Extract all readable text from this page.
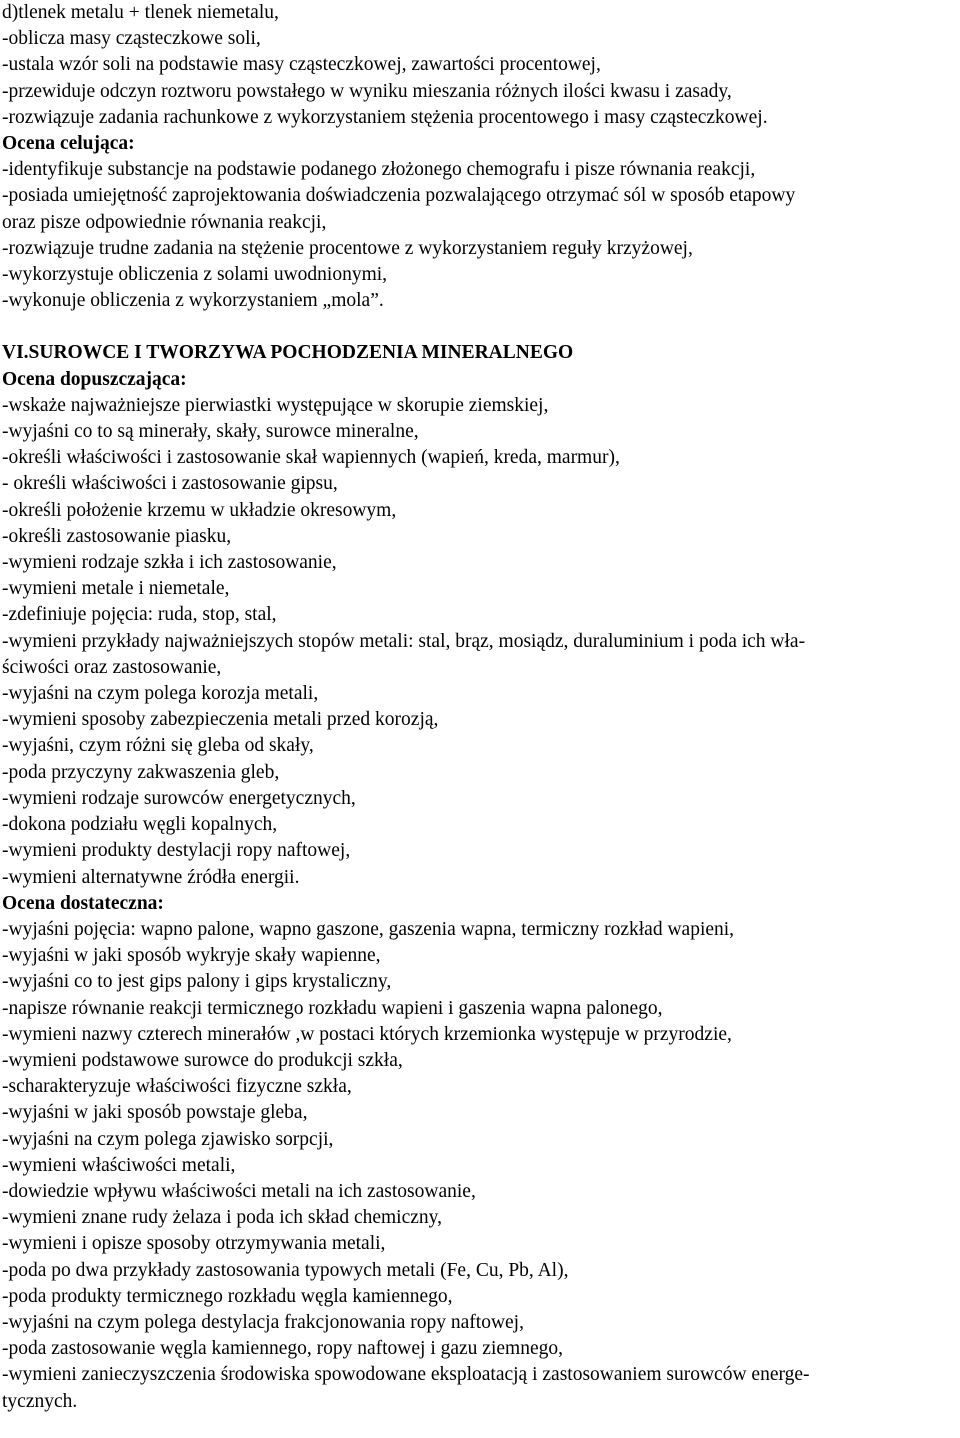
d)tlenek metalu + tlenek niemetalu,
-oblicza masy cząsteczkowe soli,
-ustala wzór soli na podstawie masy cząsteczkowej, zawartości procentowej,
-przewiduje odczyn roztworu powstałego w wyniku mieszania różnych ilości kwasu i zasady,
-rozwiązuje zadania rachunkowe z wykorzystaniem stężenia procentowego i masy cząsteczkowej.
Ocena celująca:
-identyfikuje substancje na podstawie podanego złożonego chemografu i pisze równania reakcji,
-posiada umiejętność zaprojektowania doświadczenia pozwalającego otrzymać sól w sposób etapowy
oraz pisze odpowiednie równania reakcji,
-rozwiązuje trudne zadania na stężenie procentowe z wykorzystaniem reguły krzyżowej,
-wykorzystuje obliczenia z solami uwodnionymi,
-wykonuje obliczenia z wykorzystaniem „mola”.
VI.SUROWCE I TWORZYWA POCHODZENIA MINERALNEGO
Ocena dopuszczająca:
-wskaże najważniejsze pierwiastki występujące w skorupie ziemskiej,
-wyjaśni co to są minerały, skały, surowce mineralne,
-określi właściwości i zastosowanie skał wapiennych (wapień, kreda, marmur),
- określi właściwości i zastosowanie gipsu,
-określi położenie krzemu w układzie okresowym,
-określi zastosowanie piasku,
-wymieni rodzaje szkła i ich zastosowanie,
-wymieni metale i niemetale,
-zdefiniuje pojęcia: ruda, stop, stal,
-wymieni przykłady najważniejszych stopów metali: stal, brąz, mosiądz, duraluminium i poda ich wła-
ściwości oraz zastosowanie,
-wyjaśni na czym polega korozja metali,
-wymieni sposoby zabezpieczenia metali przed korozją,
-wyjaśni, czym różni się gleba od skały,
-poda przyczyny zakwaszenia gleb,
-wymieni rodzaje surowców energetycznych,
-dokona podziału węgli kopalnych,
-wymieni produkty destylacji ropy naftowej,
-wymieni alternatywne źródła energii.
Ocena dostateczna:
-wyjaśni pojęcia: wapno palone, wapno gaszone, gaszenia wapna, termiczny rozkład wapieni,
-wyjaśni w jaki sposób wykryje skały wapienne,
-wyjaśni co to jest gips palony i gips krystaliczny,
-napisze równanie reakcji termicznego rozkładu wapieni i gaszenia wapna palonego,
-wymieni nazwy czterech minerałów ,w postaci których krzemionka występuje w przyrodzie,
-wymieni podstawowe surowce do produkcji szkła,
-scharakteryzuje właściwości fizyczne szkła,
-wyjaśni w jaki sposób powstaje gleba,
-wyjaśni na czym polega zjawisko sorpcji,
-wymieni właściwości metali,
-dowiedzie wpływu właściwości metali na ich zastosowanie,
-wymieni znane rudy żelaza i poda ich skład chemiczny,
-wymieni i opisze sposoby otrzymywania metali,
-poda po dwa przykłady zastosowania typowych metali (Fe, Cu, Pb, Al),
-poda produkty termicznego rozkładu węgla kamiennego,
-wyjaśni na czym polega destylacja frakcjonowania ropy naftowej,
-poda zastosowanie węgla kamiennego, ropy naftowej i gazu ziemnego,
-wymieni zanieczyszczenia środowiska spowodowane eksploatacją i zastosowaniem surowców energe-
tycznych.
